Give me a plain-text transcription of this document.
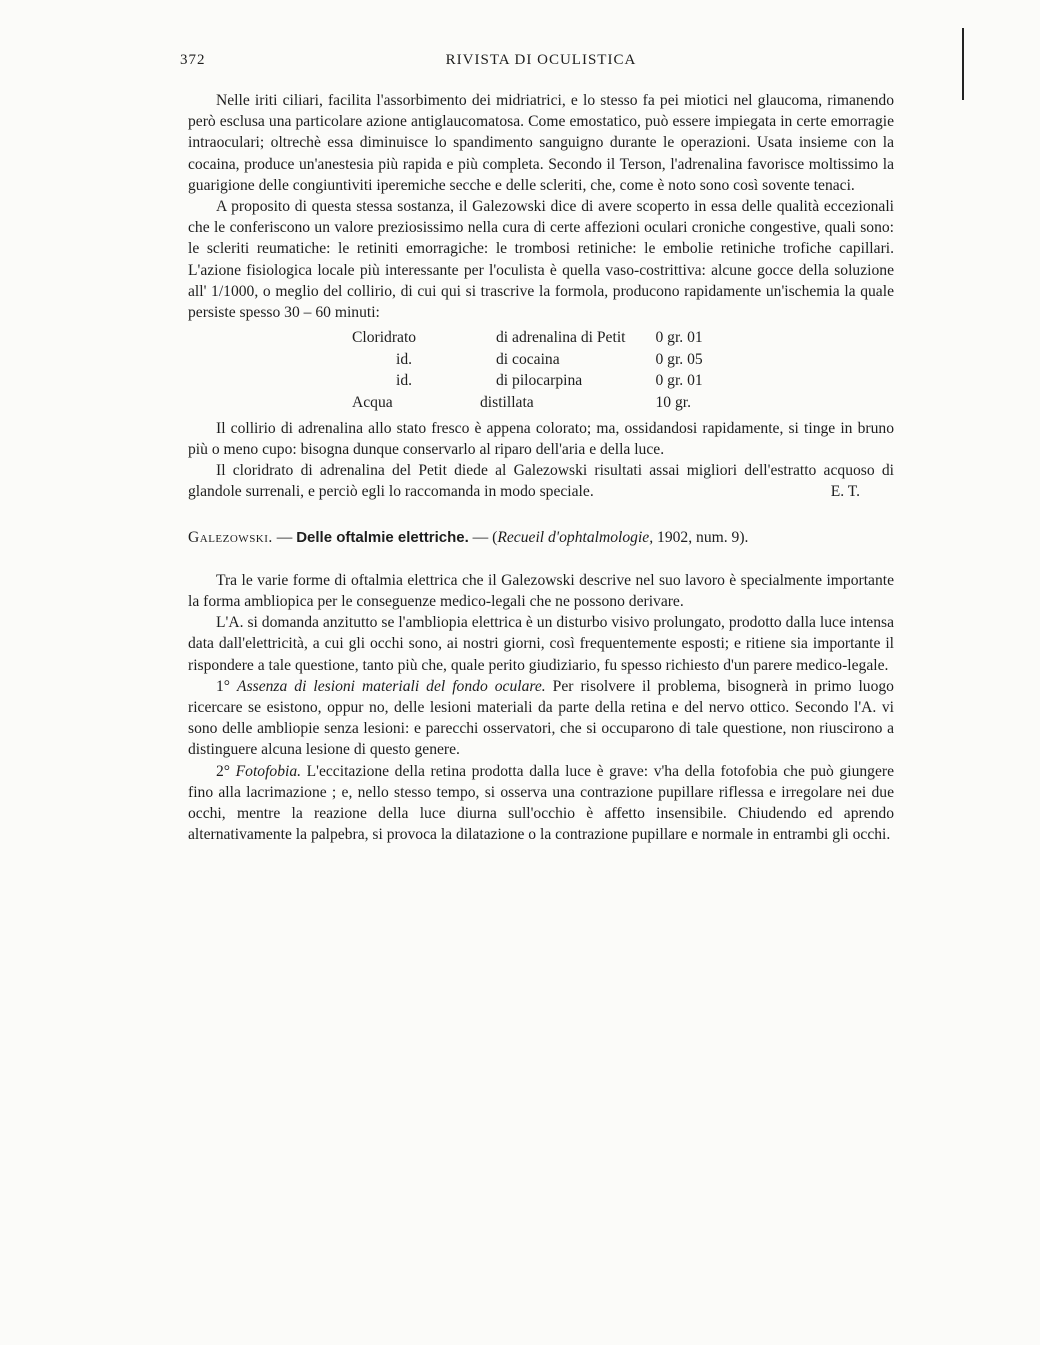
372	RIVISTA DI OCULISTICA

Nelle iriti ciliari, facilita l'assorbimento dei midriatrici, e lo stesso fa pei miotici nel glaucoma, rimanendo però esclusa una particolare azione antiglaucomatosa. Come emostatico, può essere impiegata in certe emorragie intraoculari; oltrechè essa diminuisce lo spandimento sanguigno durante le operazioni. Usata insieme con la cocaina, produce un'anestesia più rapida e più completa. Secondo il Terson, l'adrenalina favorisce moltissimo la guarigione delle congiuntiviti iperemiche secche e delle scleriti, che, come è noto sono così sovente tenaci.

A proposito di questa stessa sostanza, il Galezowski dice di avere scoperto in essa delle qualità eccezionali che le conferiscono un valore preziosissimo nella cura di certe affezioni oculari croniche congestive, quali sono: le scleriti reumatiche: le retiniti emorragiche: le trombosi retiniche: le embolie retiniche trofiche capillari. L'azione fisiologica locale più interessante per l'oculista è quella vaso-costrittiva: alcune gocce della soluzione all' 1/1000, o meglio del collirio, di cui qui si trascrive la formola, producono rapidamente un'ischemia la quale persiste spesso 30 – 60 minuti:

Cloridrato	di adrenalina di Petit	0 gr. 01
id.	di cocaina	0 gr. 05
id.	di pilocarpina	0 gr. 01
Acqua	distillata	10 gr.

Il collirio di adrenalina allo stato fresco è appena colorato; ma, ossidandosi rapidamente, si tinge in bruno più o meno cupo: bisogna dunque conservarlo al riparo dell'aria e della luce.

Il cloridrato di adrenalina del Petit diede al Galezowski risultati assai migliori dell'estratto acquoso di glandole surrenali, e perciò egli lo raccomanda in modo speciale.	E. T.

Galezowski. — Delle oftalmie elettriche. — (Recueil d'ophtalmologie, 1902, num. 9).

Tra le varie forme di oftalmia elettrica che il Galezowski descrive nel suo lavoro è specialmente importante la forma ambliopica per le conseguenze medico-legali che ne possono derivare.

L'A. si domanda anzitutto se l'ambliopia elettrica è un disturbo visivo prolungato, prodotto dalla luce intensa data dall'elettricità, a cui gli occhi sono, ai nostri giorni, così frequentemente esposti; e ritiene sia importante il rispondere a tale questione, tanto più che, quale perito giudiziario, fu spesso richiesto d'un parere medico-legale.

1° Assenza di lesioni materiali del fondo oculare. Per risolvere il problema, bisognerà in primo luogo ricercare se esistono, oppur no, delle lesioni materiali da parte della retina e del nervo ottico. Secondo l'A. vi sono delle ambliopie senza lesioni: e parecchi osservatori, che si occuparono di tale questione, non riuscirono a distinguere alcuna lesione di questo genere.

2° Fotofobia. L'eccitazione della retina prodotta dalla luce è grave: v'ha della fotofobia che può giungere fino alla lacrimazione ; e, nello stesso tempo, si osserva una contrazione pupillare riflessa e irregolare nei due occhi, mentre la reazione della luce diurna sull'occhio è affetto insensibile. Chiudendo ed aprendo alternativamente la palpebra, si provoca la dilatazione o la contrazione pupillare e normale in entrambi gli occhi.
